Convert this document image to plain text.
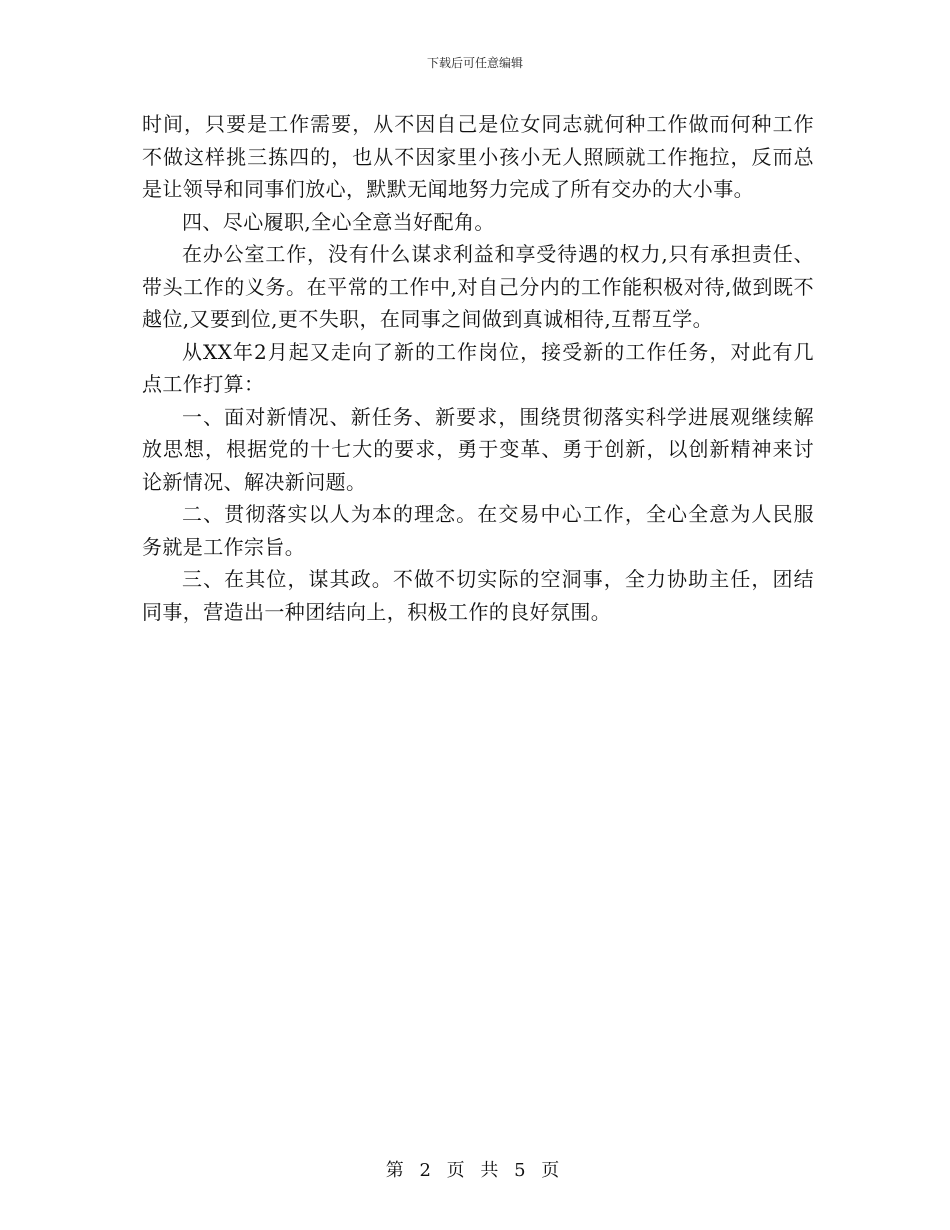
下载后可任意编辑

时间，只要是工作需要，从不因自己是位女同志就何种工作做而何种工作不做这样挑三拣四的，也从不因家里小孩小无人照顾就工作拖拉，反而总是让领导和同事们放心，默默无闻地努力完成了所有交办的大小事。

四、尽心履职,全心全意当好配角。

在办公室工作，没有什么谋求利益和享受待遇的权力,只有承担责任、带头工作的义务。在平常的工作中,对自己分内的工作能积极对待,做到既不越位,又要到位,更不失职，在同事之间做到真诚相待,互帮互学。

从XX年2月起又走向了新的工作岗位，接受新的工作任务，对此有几点工作打算：

一、面对新情况、新任务、新要求，围绕贯彻落实科学进展观继续解放思想，根据党的十七大的要求，勇于变革、勇于创新，以创新精神来讨论新情况、解决新问题。

二、贯彻落实以人为本的理念。在交易中心工作，全心全意为人民服务就是工作宗旨。

三、在其位，谋其政。不做不切实际的空洞事，全力协助主任，团结同事，营造出一种团结向上，积极工作的良好氛围。

第 2 页 共 5 页
